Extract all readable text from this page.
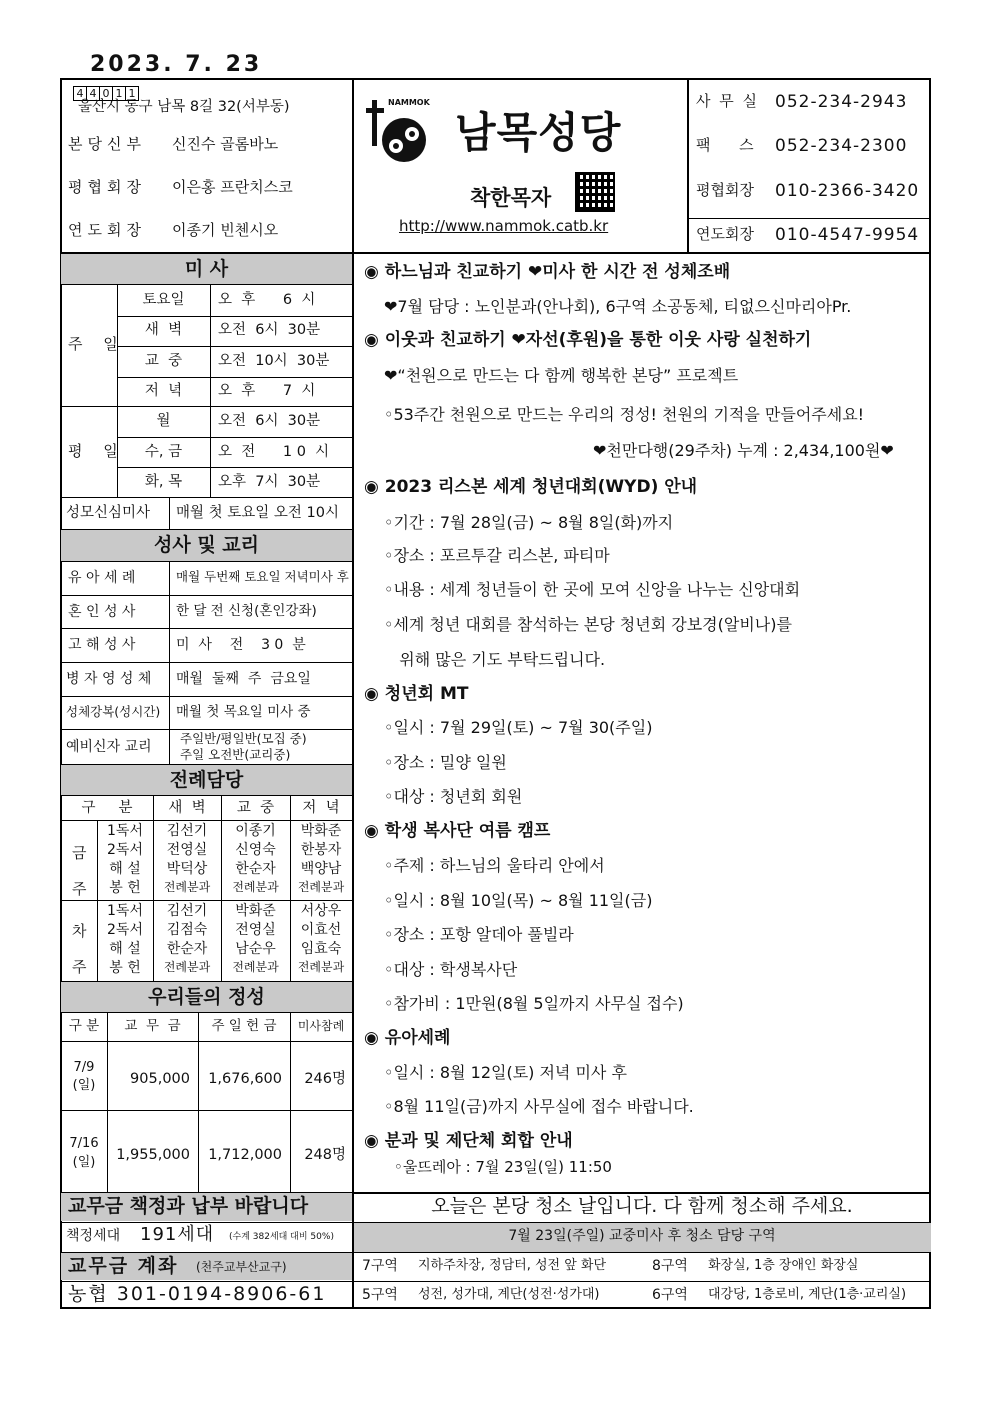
2023. 7. 23
4 4 0 1 1
울산시 동구 남목 8길 32(서부동)
본당신부 신진수 골롬바노
평협회장 이은홍 프란치스코
연도회장 이종기 빈첸시오
NAMMOK
남목성당
착한목자
http://www.nammok.catb.kr
사 무 실 052-234-2943
팩      스 052-234-2300
평협회장 010-2366-3420
연도회장 010-4547-9954
미 사
주 일
평 일
토요일	오  후      6  시
새  벽	오전  6시  30분
교  중	오전  10시  30분
저  녁	오  후      7  시
월	오전  6시  30분
수, 금	오  전      1 0  시
화, 목	오후  7시  30분
성모신심미사 매월 첫 토요일 오전 10시
성사 및 교리
유 아 세 례	매월 두번째 토요일 저녁미사 후
혼 인 성 사	한 달 전 신청(혼인강좌)
고 해 성 사	미  사    전    3 0  분
병 자 영 성 체 매월  둘째  주  금요일
성체강복(성시간) 매월 첫 목요일 미사 중
예비신자 교리
주일반/평일반(모집 중)
주일 오전반(교리중)
전례담당
구     분	새  벽	교  중	저  녁
금주
차주
1독서	김선기	이종기	박화준
2독서	전영실	신영숙	한봉자
해 설	박덕상	한순자	백양남
봉 헌	전례분과	전례분과	전례분과
1독서	김선기	박화준	서상우
2독서	김점숙	전영실	이효선
해 설	한순자	남순우	임효숙
봉 헌	전례분과	전례분과	전례분과
우리들의 정성
구 분	교  무  금	주 일 헌 금	미사참례
7/9
(일)	905,000	1,676,600	246명
7/16
(일)	1,955,000	1,712,000	248명
교무금 책정과 납부 바랍니다
책정세대 191세대 (수계 382세대 대비 50%)
교무금 계좌 (천주교부산교구)
농협 301-0194-8906-61
◉ 하느님과 친교하기 ❤미사 한 시간 전 성체조배
❤7월 담당 : 노인분과(안나회), 6구역 소공동체, 티없으신마리아Pr.
◉ 이웃과 친교하기 ❤자선(후원)을 통한 이웃 사랑 실천하기
❤“천원으로 만드는 다 함께 행복한 본당” 프로젝트
◦53주간 천원으로 만드는 우리의 정성! 천원의 기적을 만들어주세요!
❤천만다행(29주차) 누계 : 2,434,100원❤
◉ 2023 리스본 세계 청년대회(WYD) 안내
◦기간 : 7월 28일(금) ~ 8월 8일(화)까지
◦장소 : 포르투갈 리스본, 파티마
◦내용 : 세계 청년들이 한 곳에 모여 신앙을 나누는 신앙대회
◦세계 청년 대회를 참석하는 본당 청년회 강보경(알비나)를
위해 많은 기도 부탁드립니다.
◉ 청년회 MT
◦일시 : 7월 29일(토) ~ 7월 30(주일)
◦장소 : 밀양 일원
◦대상 : 청년회 회원
◉ 학생 복사단 여름 캠프
◦주제 : 하느님의 울타리 안에서
◦일시 : 8월 10일(목) ~ 8월 11일(금)
◦장소 : 포항 알데아 풀빌라
◦대상 : 학생복사단
◦참가비 : 1만원(8월 5일까지 사무실 접수)
◉ 유아세례
◦일시 : 8월 12일(토) 저녁 미사 후
◦8월 11일(금)까지 사무실에 접수 바랍니다.
◉ 분과 및 제단체 회합 안내
◦울뜨레아 : 7월 23일(일) 11:50
오늘은 본당 청소 날입니다. 다 함께 청소해 주세요.
7월 23일(주일) 교중미사 후 청소 담당 구역
7구역 지하주차장, 정담터, 성전 앞 화단	8구역 화장실, 1층 장애인 화장실
5구역 성전, 성가대, 계단(성전·성가대)	6구역 대강당, 1층로비, 계단(1층·교리실)
